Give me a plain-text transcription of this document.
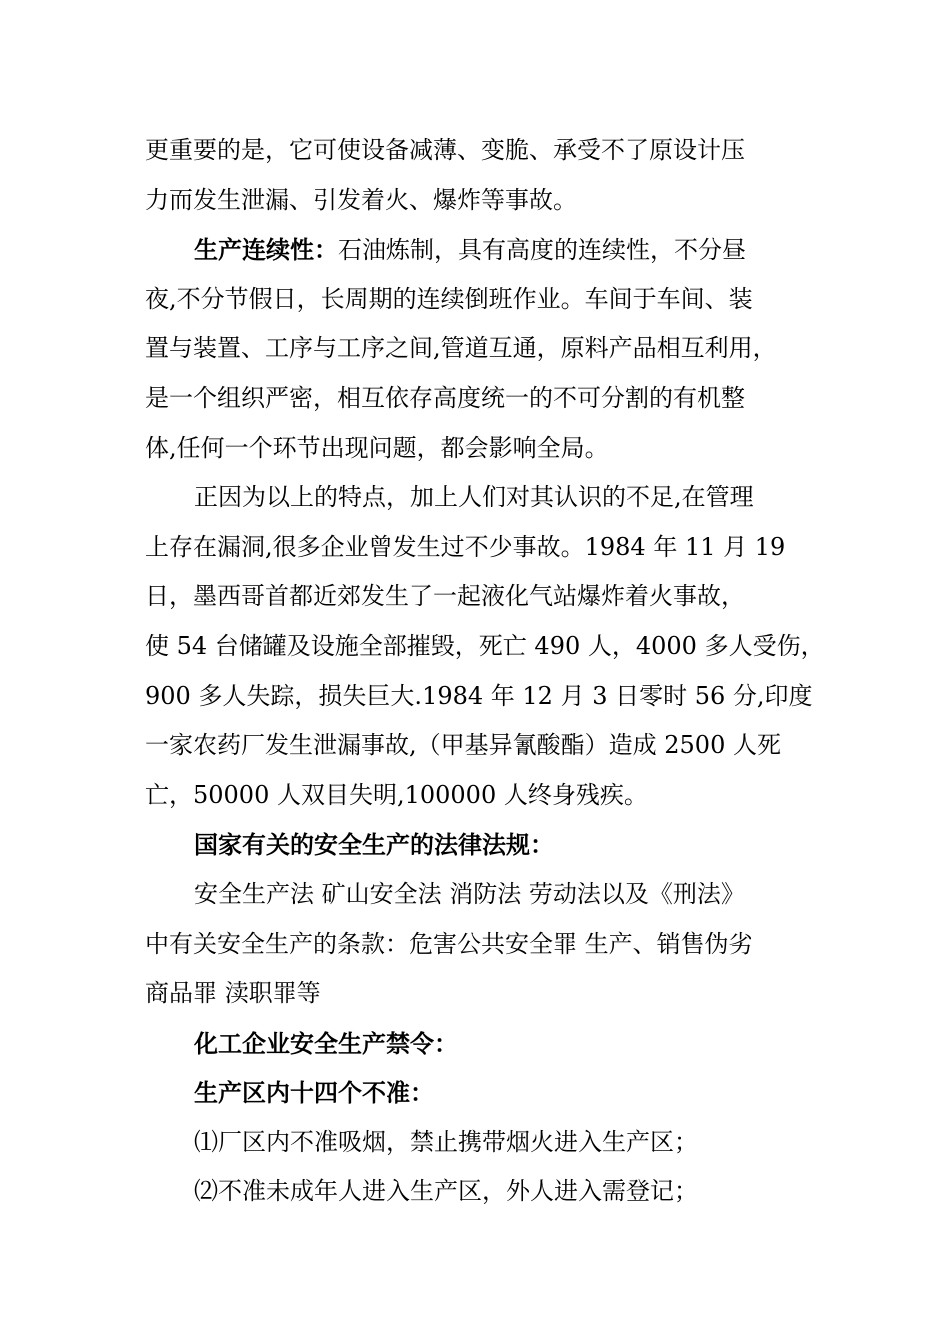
更重要的是，它可使设备减薄、变脆、承受不了原设计压
力而发生泄漏、引发着火、爆炸等事故。
生产连续性：石油炼制，具有高度的连续性，不分昼
夜,不分节假日，长周期的连续倒班作业。车间于车间、装
置与装置、工序与工序之间,管道互通，原料产品相互利用，
是一个组织严密，相互依存高度统一的不可分割的有机整
体,任何一个环节出现问题，都会影响全局。
正因为以上的特点，加上人们对其认识的不足,在管理
上存在漏洞,很多企业曾发生过不少事故。1984 年 11 月 19
日，墨西哥首都近郊发生了一起液化气站爆炸着火事故，
使 54 台储罐及设施全部摧毁，死亡 490 人，4000 多人受伤，
900 多人失踪，损失巨大.1984 年 12 月 3 日零时 56 分,印度
一家农药厂发生泄漏事故,（甲基异氰酸酯）造成 2500 人死
亡，50000 人双目失明,100000 人终身残疾。
国家有关的安全生产的法律法规：
安全生产法 矿山安全法 消防法 劳动法以及《刑法》
中有关安全生产的条款：危害公共安全罪 生产、销售伪劣
商品罪 渎职罪等
化工企业安全生产禁令：
生产区内十四个不准：
⑴厂区内不准吸烟，禁止携带烟火进入生产区；
⑵不准未成年人进入生产区，外人进入需登记；
